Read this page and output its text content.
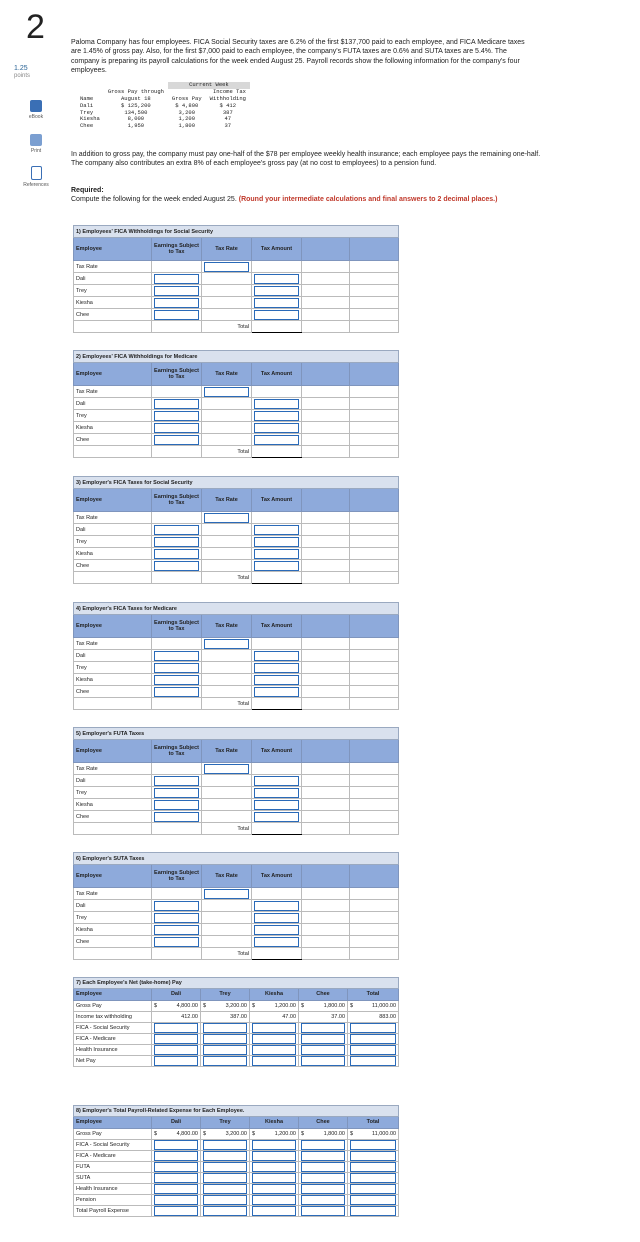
2
1.25
points
eBook
Print
References

Paloma Company has four employees. FICA Social Security taxes are 6.2% of the first $137,700 paid to each employee, and FICA Medicare taxes are 1.45% of gross pay. Also, for the first $7,000 paid to each employee, the company's FUTA taxes are 0.6% and SUTA taxes are 5.4%. The company is preparing its payroll calculations for the week ended August 25. Payroll records show the following information for the company's four employees.

		Current Week	
	Gross Pay through		Income Tax
Name	August 18	Gross Pay	Withholding
Dali	$ 125,200	$ 4,800	$ 412
Trey	134,500	3,200	387
Kiesha	8,000	1,200	47
Chee	1,950	1,800	37

In addition to gross pay, the company must pay one-half of the $78 per employee weekly health insurance; each employee pays the remaining one-half. The company also contributes an extra 8% of each employee's gross pay (at no cost to employees) to a pension fund.

Required:
Compute the following for the week ended August 25. (Round your intermediate calculations and final answers to 2 decimal places.)
1) Employees' FICA Withholdings for Social Security					
Employee	Earnings Subject to Tax	Tax Rate	Tax Amount		
Tax Rate		

Dali	

Trey	

Kiesha	

Chee	

		Total	

2) Employees' FICA Withholdings for Medicare					
Employee	Earnings Subject to Tax	Tax Rate	Tax Amount		
Tax Rate		

Dali	

Trey	

Kiesha	

Chee	

		Total	

3) Employer's FICA Taxes for Social Security					
Employee	Earnings Subject to Tax	Tax Rate	Tax Amount		
Tax Rate		

Dali	

Trey	

Kiesha	

Chee	

		Total	

4) Employer's FICA Taxes for Medicare					
Employee	Earnings Subject to Tax	Tax Rate	Tax Amount		
Tax Rate		

Dali	

Trey	

Kiesha	

Chee	

		Total	

5) Employer's FUTA Taxes					
Employee	Earnings Subject to Tax	Tax Rate	Tax Amount		
Tax Rate		

Dali	

Trey	

Kiesha	

Chee	

		Total	

6) Employer's SUTA Taxes					
Employee	Earnings Subject to Tax	Tax Rate	Tax Amount		
Tax Rate		

Dali	

Trey	

Kiesha	

Chee	

		Total	

7) Each Employee's Net (take-home) Pay					
Employee	Dali	Trey	Kiesha	Chee	Total
Gross Pay	$ 4,800.00	$ 3,200.00	$ 1,200.00	$ 1,800.00	$ 11,000.00
Income tax withholding	412.00	387.00	47.00	37.00	883.00
FICA - Social Security	

FICA - Medicare	

Health Insurance	

Net Pay	

8) Employer's Total Payroll-Related Expense for Each Employee.					
Employee	Dali	Trey	Kiesha	Chee	Total
Gross Pay	$ 4,800.00	$ 3,200.00	$ 1,200.00	$ 1,800.00	$ 11,000.00
FICA - Social Security	

FICA - Medicare	

FUTA	

SUTA	

Health Insurance	

Pension	

Total Payroll Expense	
